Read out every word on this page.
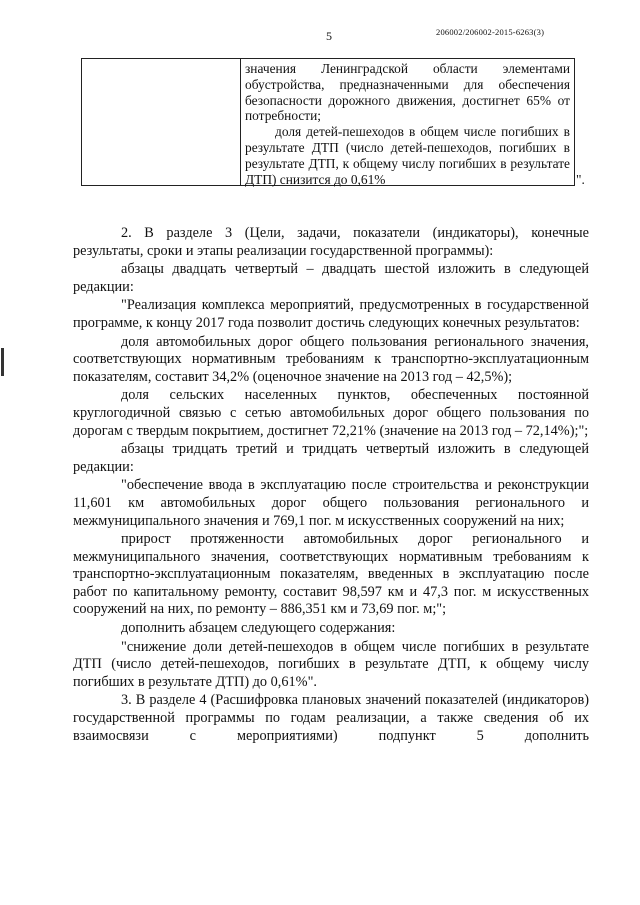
5	206002/206002-2015-6263(3)

значения Ленинградской области элементами обустройства, предназначенными для обеспечения безопасности дорожного движения, достигнет 65% от потребности;

доля детей-пешеходов в общем числе погибших в результате ДТП (число детей-пешеходов, погибших в результате ДТП, к общему числу погибших в результате ДТП) снизится до 0,61%	".

2. В разделе 3 (Цели, задачи, показатели (индикаторы), конечные результаты, сроки и этапы реализации государственной программы):

абзацы двадцать четвертый – двадцать шестой изложить в следующей редакции:

"Реализация комплекса мероприятий, предусмотренных в государственной программе, к концу 2017 года позволит достичь следующих конечных результатов:

доля автомобильных дорог общего пользования регионального значения, соответствующих нормативным требованиям к транспортно-эксплуатационным показателям, составит 34,2% (оценочное значение на 2013 год – 42,5%);

доля сельских населенных пунктов, обеспеченных постоянной круглогодичной связью с сетью автомобильных дорог общего пользования по дорогам с твердым покрытием, достигнет 72,21% (значение на 2013 год – 72,14%);";

абзацы тридцать третий и тридцать четвертый изложить в следующей редакции:

"обеспечение ввода в эксплуатацию после строительства и реконструкции 11,601 км автомобильных дорог общего пользования регионального и межмуниципального значения и 769,1 пог. м искусственных сооружений на них;

прирост протяженности автомобильных дорог регионального и межмуниципального значения, соответствующих нормативным требованиям к транспортно-эксплуатационным показателям, введенных в эксплуатацию после работ по капитальному ремонту, составит 98,597 км и 47,3 пог. м искусственных сооружений на них, по ремонту – 886,351 км и 73,69 пог. м;";

дополнить абзацем следующего содержания:

"снижение доли детей-пешеходов в общем числе погибших в результате ДТП (число детей-пешеходов, погибших в результате ДТП, к общему числу погибших в результате ДТП) до 0,61%".

3. В разделе 4 (Расшифровка плановых значений показателей (индикаторов) государственной программы по годам реализации, а также сведения об их взаимосвязи с мероприятиями) подпункт 5 дополнить
